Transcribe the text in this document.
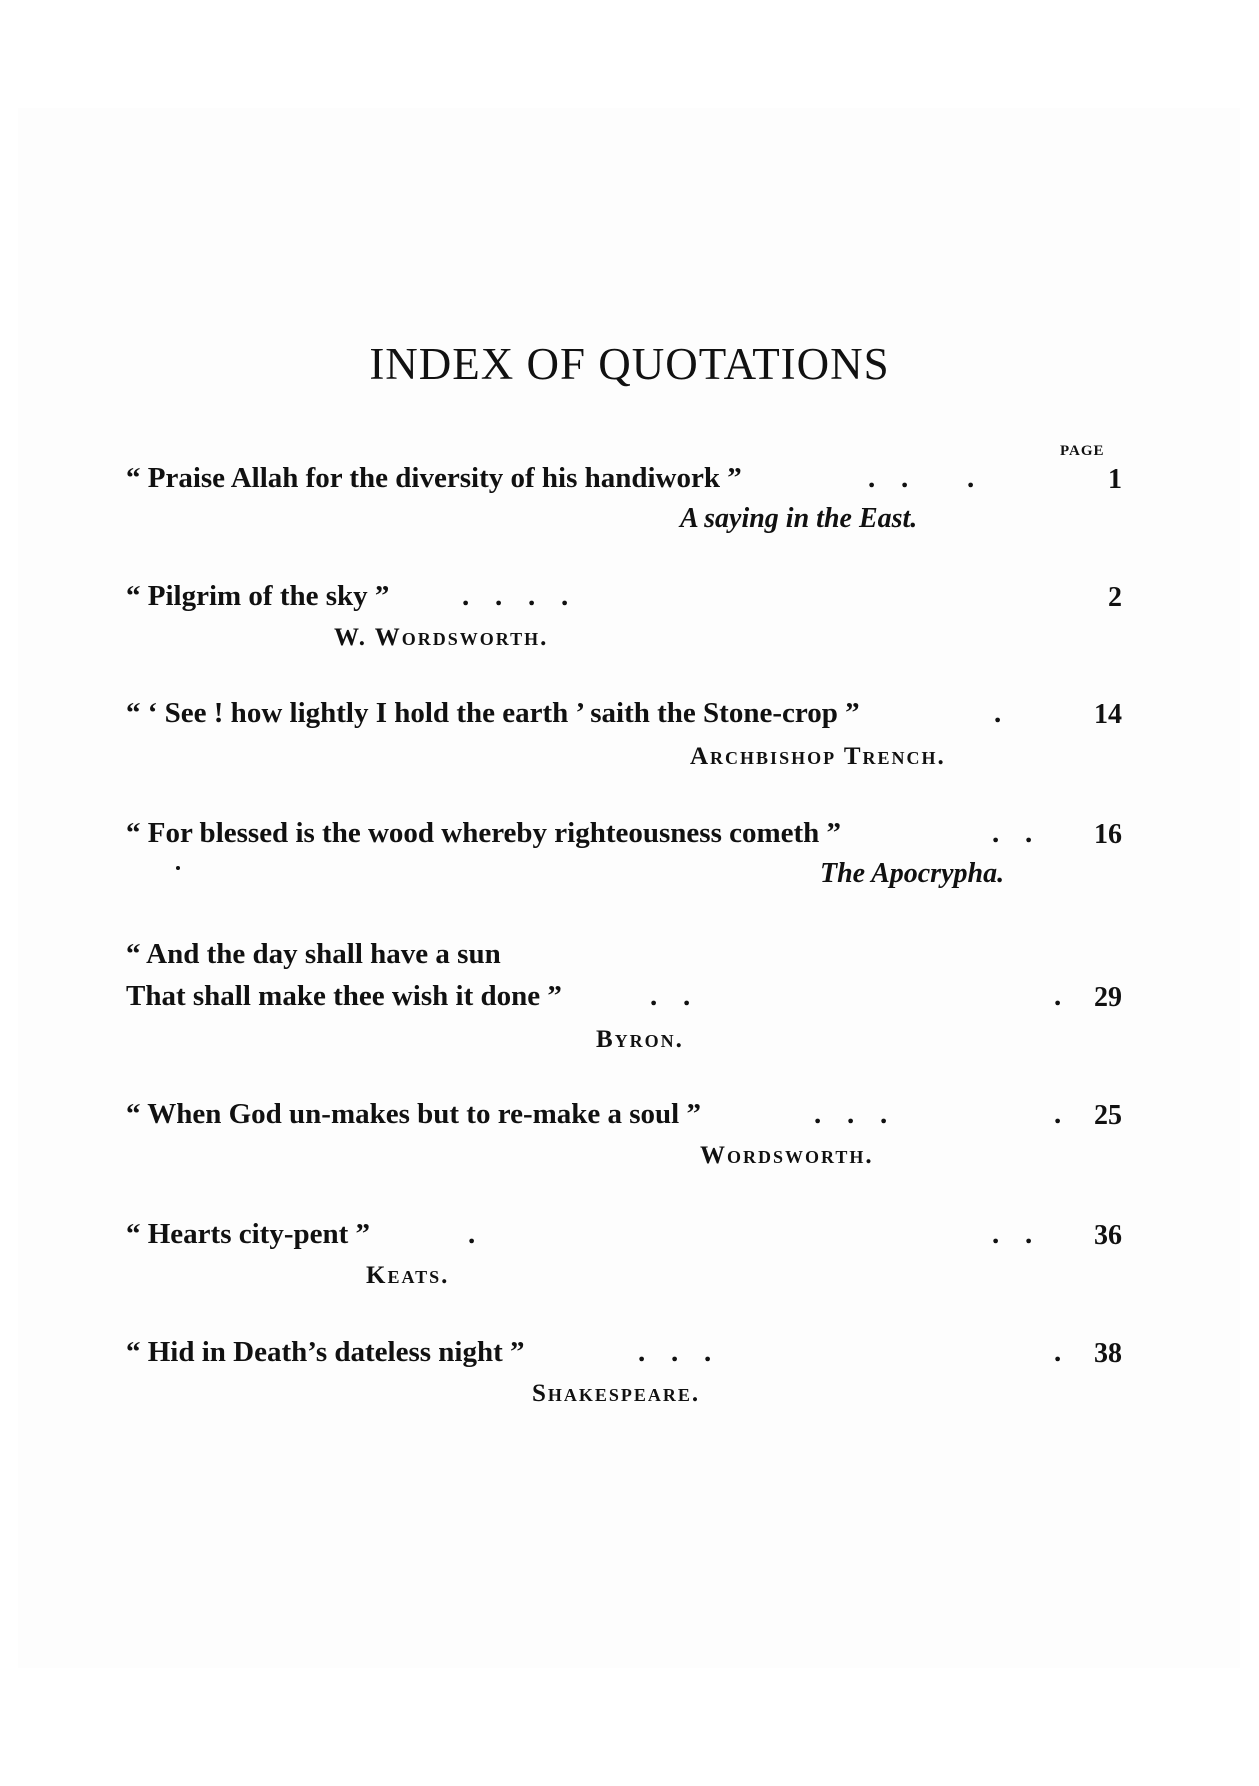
INDEX OF QUOTATIONS
PAGE
“ Praise Allah for the diversity of his handiwork ”	.   .       .	1
A saying in the East.
“ Pilgrim of the sky ”	.   .   .   .	2
W. Wordsworth.
“ ‘ See ! how lightly I hold the earth ’ saith the Stone-crop ”	.	14
Archbishop Trench.
“ For blessed is the wood whereby righteousness cometh ”	.   .	16
The Apocrypha.
“ And the day shall have a sun
That shall make thee wish it done ”	.   .	.	29
Byron.
“ When God un-makes but to re-make a soul ”	.   .   .	.	25
Wordsworth.
“ Hearts city-pent ”	.	.   .	36
Keats.
“ Hid in Death’s dateless night ”	.   .   .	.	38
Shakespeare.
